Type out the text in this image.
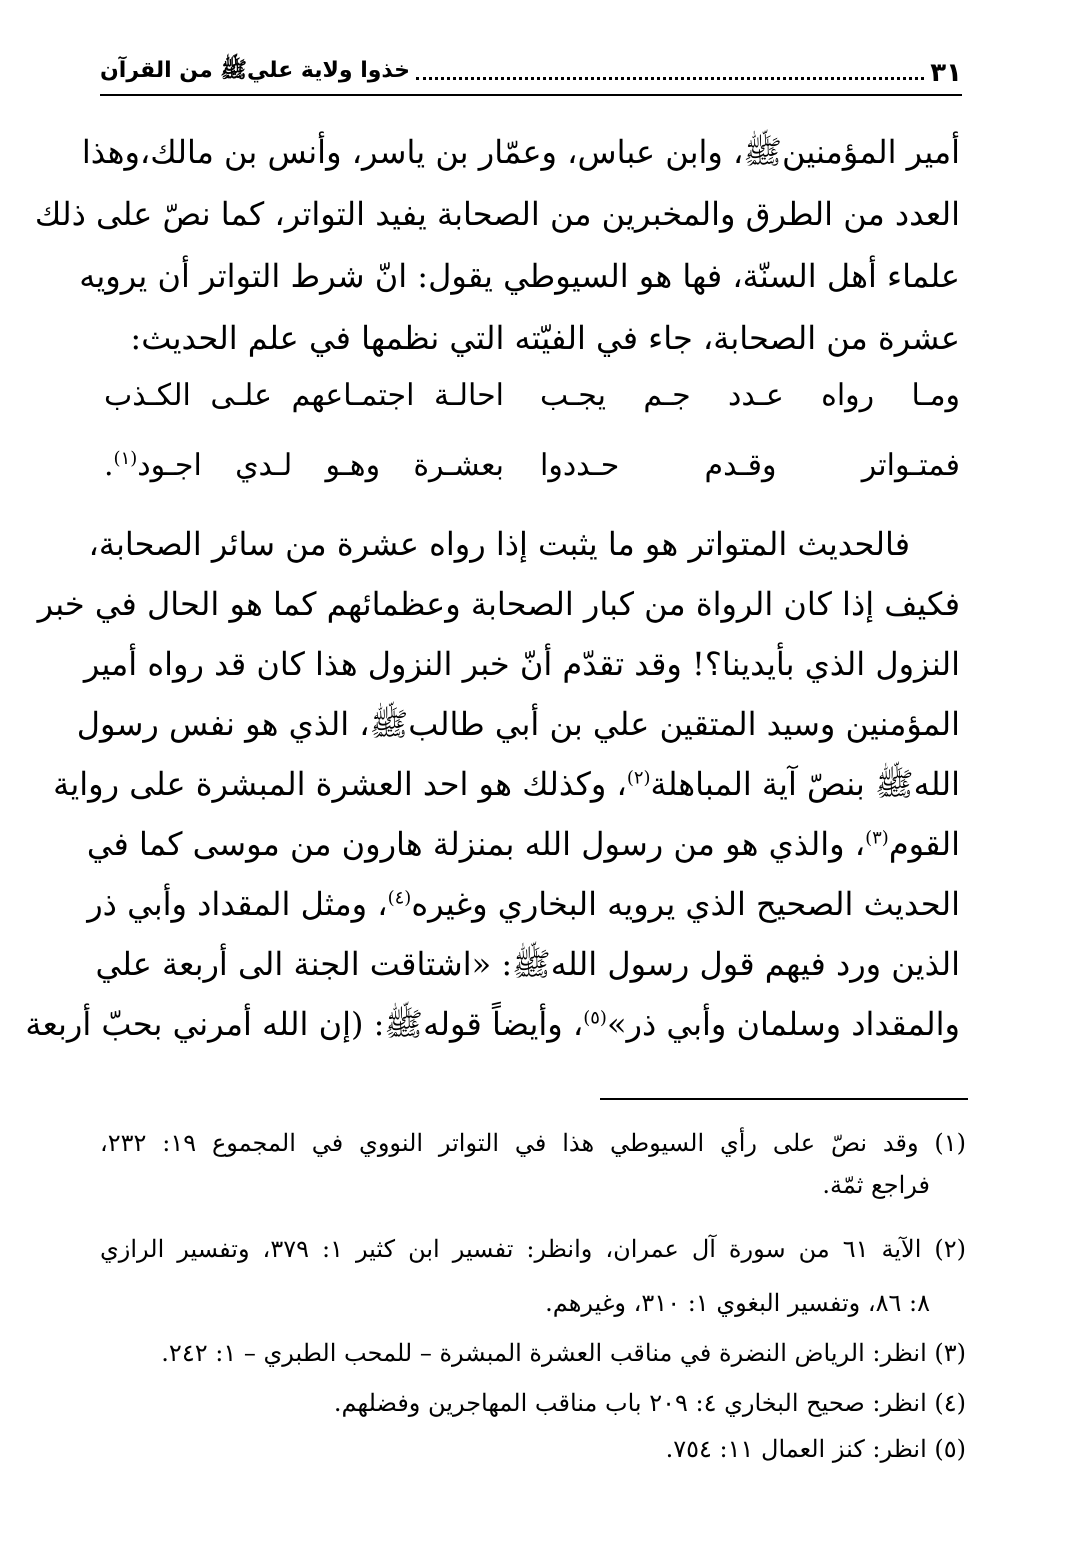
٣١
خذوا ولاية عليﷺ من القرآن
أمير المؤمنينﷺ، وابن عباس، وعمّار بن ياسر، وأنس بن مالك،وهذا
العدد من الطرق والمخبرين من الصحابة يفيد التواتر، كما نصّ على ذلك
علماء أهل السنّة، فها هو السيوطي يقول: انّ شرط التواتر أن يرويه
عشرة من الصحابة، جاء في الفيّته التي نظمها في علم الحديث:
ومـا رواه عـدد جـم يجـب
احالـة اجتمـاعهم علـى الكـذب
فمتـواتر وقـدم حـددوا
بعشـرة وهـو لـدي اجـود$^{(١)}$.
فالحديث المتواتر هو ما يثبت إذا رواه عشرة من سائر الصحابة،
فكيف إذا كان الرواة من كبار الصحابة وعظمائهم كما هو الحال في خبر
النزول الذي بأيدينا؟! وقد تقدّم أنّ خبر النزول هذا كان قد رواه أمير
المؤمنين وسيد المتقين علي بن أبي طالبﷺ، الذي هو نفس رسول
اللهﷺ بنصّ آية المباهلة$^{(٢)}$، وكذلك هو احد العشرة المبشرة على رواية
القوم$^{(٣)}$، والذي هو من رسول الله بمنزلة هارون من موسى كما في
الحديث الصحيح الذي يرويه البخاري وغيره$^{(٤)}$، ومثل المقداد وأبي ذر
الذين ورد فيهم قول رسول اللهﷺ: «اشتاقت الجنة الى أربعة علي
والمقداد وسلمان وأبي ذر»$^{(٥)}$، وأيضاً قولهﷺ: (إن الله أمرني بحبّ أربعة
(١) وقد نصّ على رأي السيوطي هذا في التواتر النووي في المجموع ١٩: ٢٣٢،
فراجع ثمّة.
(٢) الآية ٦١ من سورة آل عمران، وانظر: تفسير ابن كثير ١: ٣٧٩، وتفسير الرازي
٨: ٨٦، وتفسير البغوي ١: ٣١٠، وغيرهم.
(٣) انظر: الرياض النضرة في مناقب العشرة المبشرة – للمحب الطبري – ١: ٢٤٢.
(٤) انظر: صحيح البخاري ٤: ٢٠٩ باب مناقب المهاجرين وفضلهم.
(٥) انظر: كنز العمال ١١: ٧٥٤.
